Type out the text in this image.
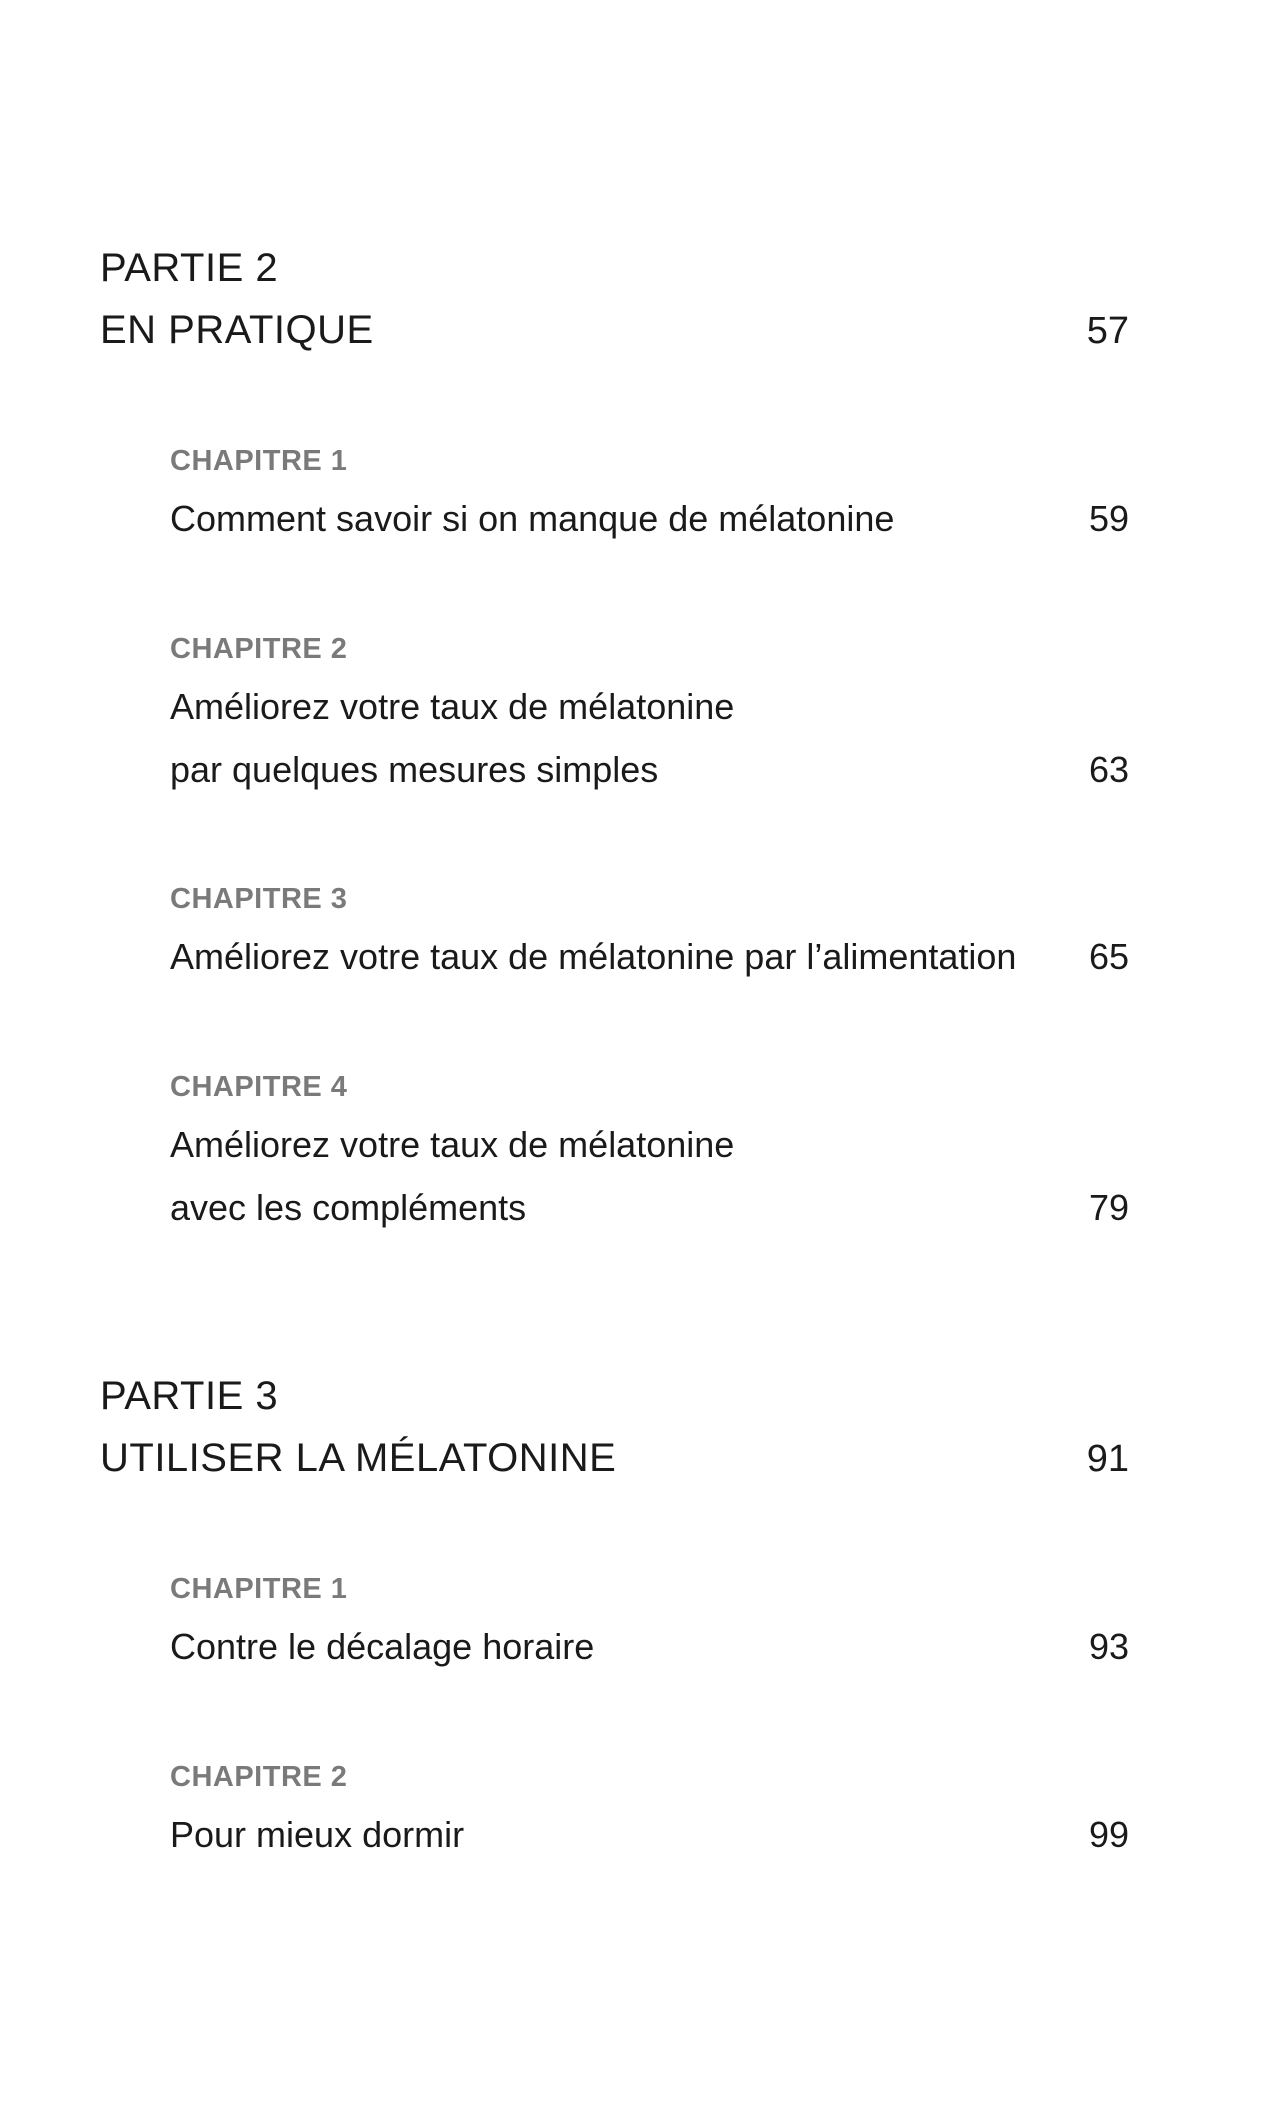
PARTIE 2
EN PRATIQUE	57
CHAPITRE 1
Comment savoir si on manque de mélatonine	59
CHAPITRE 2
Améliorez votre taux de mélatonine
par quelques mesures simples	63
CHAPITRE 3
Améliorez votre taux de mélatonine par l’alimentation 65
CHAPITRE 4
Améliorez votre taux de mélatonine
avec les compléments	79
PARTIE 3
UTILISER LA MÉLATONINE	91
CHAPITRE 1
Contre le décalage horaire	93
CHAPITRE 2
Pour mieux dormir	99
